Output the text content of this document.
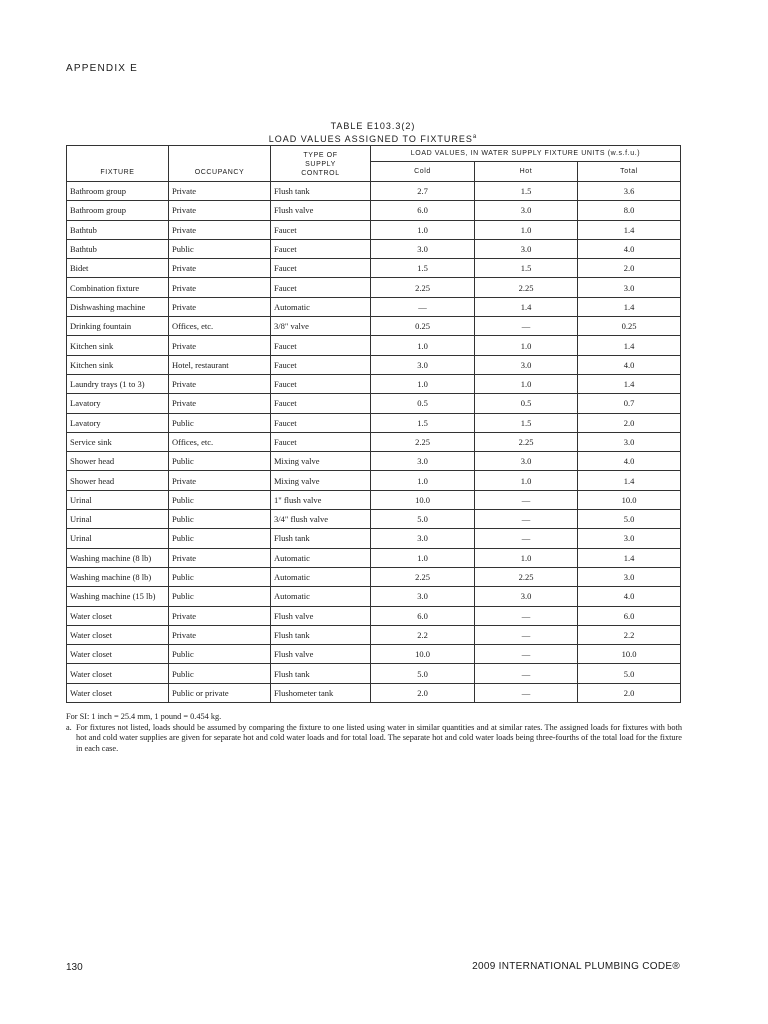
APPENDIX E
TABLE E103.3(2)
LOAD VALUES ASSIGNED TO FIXTURES$^a$
FIXTURE	OCCUPANCY	TYPE OF SUPPLY CONTROL	LOAD VALUES, IN WATER SUPPLY FIXTURE UNITS (w.s.f.u.)		
			Cold	Hot	Total
Bathroom group	Private	Flush tank	2.7	1.5	3.6
Bathroom group	Private	Flush valve	6.0	3.0	8.0
Bathtub	Private	Faucet	1.0	1.0	1.4
Bathtub	Public	Faucet	3.0	3.0	4.0
Bidet	Private	Faucet	1.5	1.5	2.0
Combination fixture	Private	Faucet	2.25	2.25	3.0
Dishwashing machine	Private	Automatic	—	1.4	1.4
Drinking fountain	Offices, etc.	3/8" valve	0.25	—	0.25
Kitchen sink	Private	Faucet	1.0	1.0	1.4
Kitchen sink	Hotel, restaurant	Faucet	3.0	3.0	4.0
Laundry trays (1 to 3)	Private	Faucet	1.0	1.0	1.4
Lavatory	Private	Faucet	0.5	0.5	0.7
Lavatory	Public	Faucet	1.5	1.5	2.0
Service sink	Offices, etc.	Faucet	2.25	2.25	3.0
Shower head	Public	Mixing valve	3.0	3.0	4.0
Shower head	Private	Mixing valve	1.0	1.0	1.4
Urinal	Public	1" flush valve	10.0	—	10.0
Urinal	Public	3/4" flush valve	5.0	—	5.0
Urinal	Public	Flush tank	3.0	—	3.0
Washing machine (8 lb)	Private	Automatic	1.0	1.0	1.4
Washing machine (8 lb)	Public	Automatic	2.25	2.25	3.0
Washing machine (15 lb)	Public	Automatic	3.0	3.0	4.0
Water closet	Private	Flush valve	6.0	—	6.0
Water closet	Private	Flush tank	2.2	—	2.2
Water closet	Public	Flush valve	10.0	—	10.0
Water closet	Public	Flush tank	5.0	—	5.0
Water closet	Public or private	Flushometer tank	2.0	—	2.0
For SI: 1 inch = 25.4 mm, 1 pound = 0.454 kg.
a. For fixtures not listed, loads should be assumed by comparing the fixture to one listed using water in similar quantities and at similar rates. The assigned loads for fixtures with both hot and cold water supplies are given for separate hot and cold water loads and for total load. The separate hot and cold water loads being three-fourths of the total load for the fixture in each case.
130	2009 INTERNATIONAL PLUMBING CODE®
